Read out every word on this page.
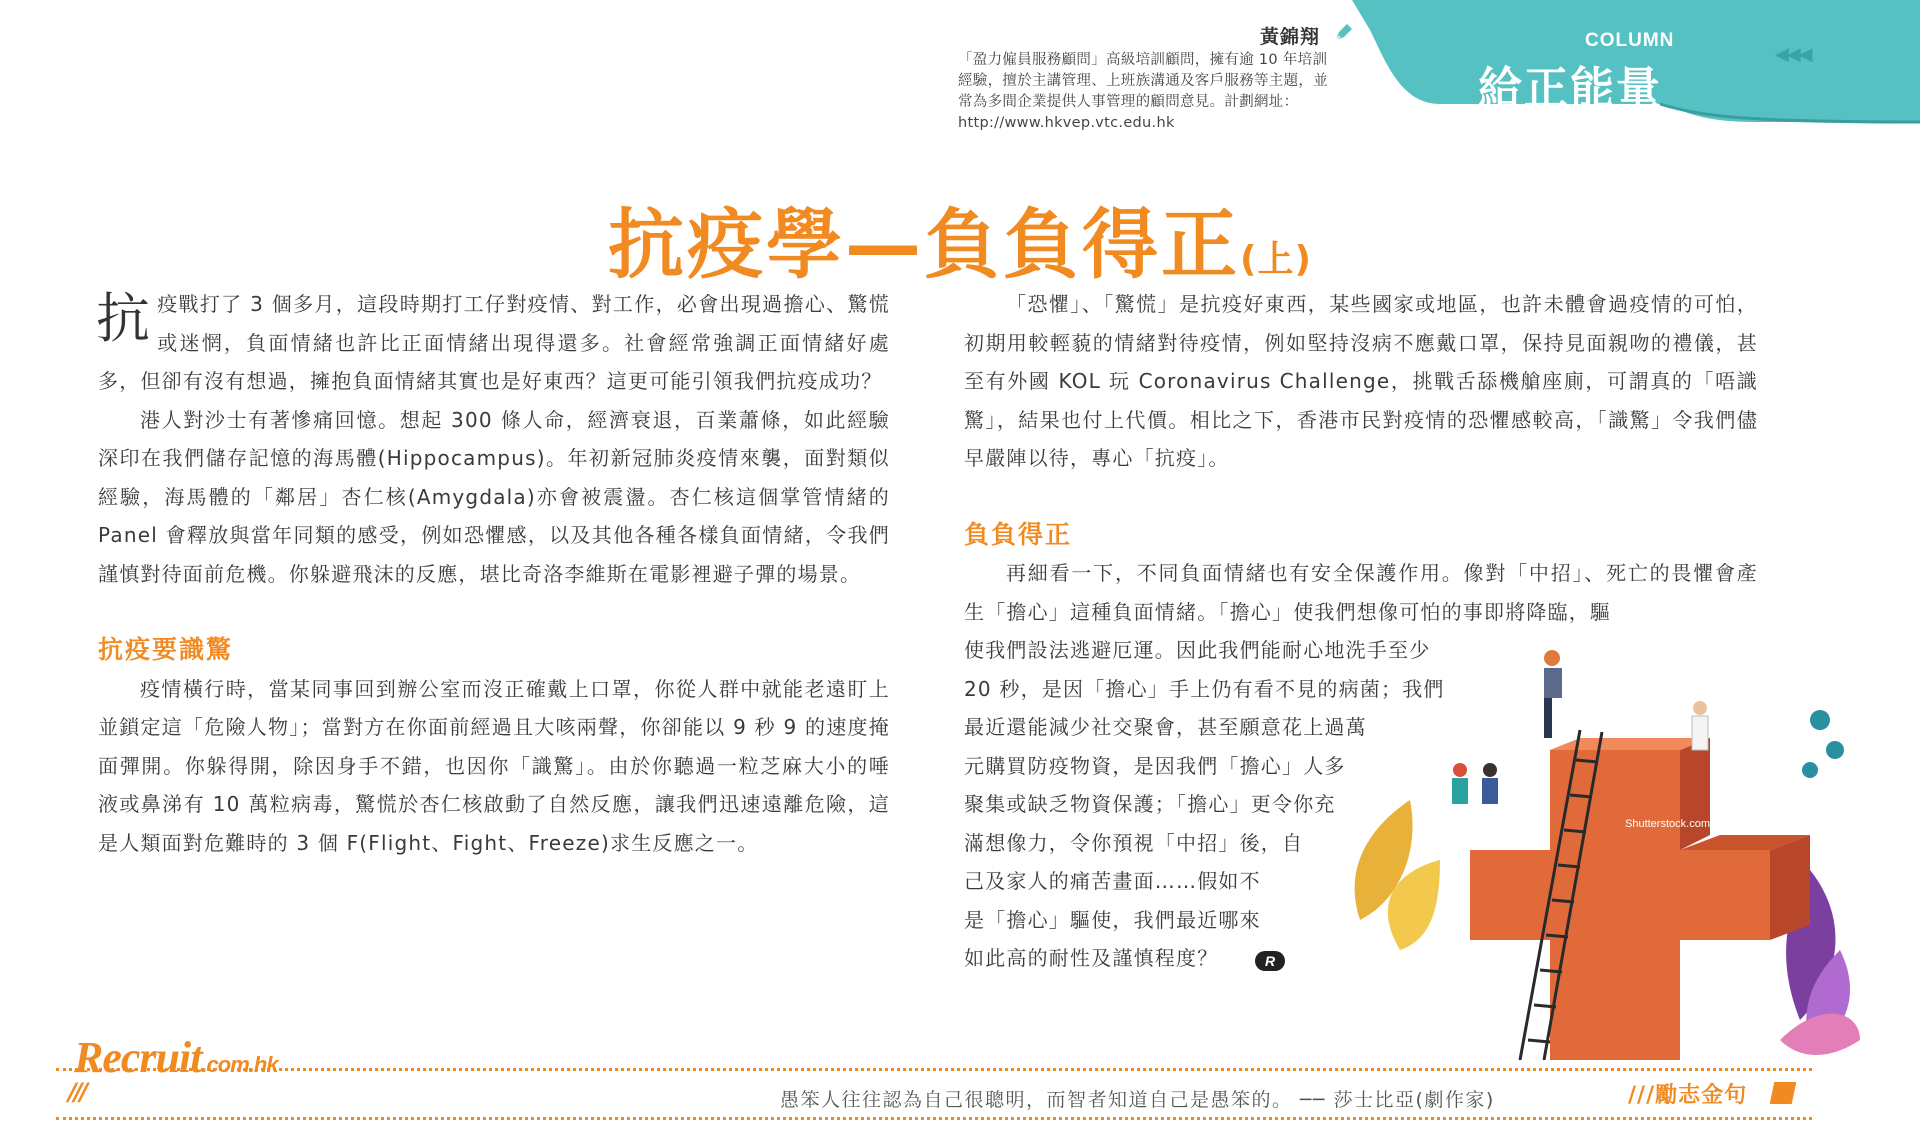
COLUMN
給正能量
◀◀◀
黃錦翔
「盈力僱員服務顧問」高級培訓顧問，擁有逾 10 年培訓經驗，擅於主講管理、上班族溝通及客戶服務等主題，並常為多間企業提供人事管理的顧問意見。計劃網址：http://www.hkvep.vtc.edu.hk
抗疫學—負負得正(上)

抗疫戰打了 3 個多月，這段時期打工仔對疫情、對工作，必會出現過擔心、驚慌或迷惘，負面情緒也許比正面情緒出現得還多。社會經常強調正面情緒好處多，但卻有沒有想過，擁抱負面情緒其實也是好東西？這更可能引領我們抗疫成功？

港人對沙士有著慘痛回憶。想起 300 條人命，經濟衰退，百業蕭條，如此經驗深印在我們儲存記憶的海馬體(Hippocampus)。年初新冠肺炎疫情來襲，面對類似經驗，海馬體的「鄰居」杏仁核(Amygdala)亦會被震盪。杏仁核這個掌管情緒的 Panel 會釋放與當年同類的感受，例如恐懼感，以及其他各種各樣負面情緒，令我們謹慎對待面前危機。你躲避飛沫的反應，堪比奇洛李維斯在電影裡避子彈的場景。

抗疫要識驚

疫情橫行時，當某同事回到辦公室而沒正確戴上口罩，你從人群中就能老遠盯上並鎖定這「危險人物」；當對方在你面前經過且大咳兩聲，你卻能以 9 秒 9 的速度掩面彈開。你躲得開，除因身手不錯，也因你「識驚」。由於你聽過一粒芝麻大小的唾液或鼻涕有 10 萬粒病毒，驚慌於杏仁核啟動了自然反應，讓我們迅速遠離危險，這是人類面對危難時的 3 個 F(Flight、Fight、Freeze)求生反應之一。

「恐懼」、「驚慌」是抗疫好東西，某些國家或地區，也許未體會過疫情的可怕，初期用較輕藐的情緒對待疫情，例如堅持沒病不應戴口罩，保持見面親吻的禮儀，甚至有外國 KOL 玩 Coronavirus Challenge，挑戰舌舔機艙座廁，可謂真的「唔識驚」，結果也付上代價。相比之下，香港市民對疫情的恐懼感較高，「識驚」令我們儘早嚴陣以待，專心「抗疫」。

負負得正

再細看一下，不同負面情緒也有安全保護作用。像對「中招」、死亡的畏懼會產生「擔心」這種負面情緒。「擔心」使我們想像可怕的事即將降臨，驅

使我們設法逃避厄運。因此我們能耐心地洗手至少
20 秒，是因「擔心」手上仍有看不見的病菌；我們
最近還能減少社交聚會，甚至願意花上過萬
元購買防疫物資，是因我們「擔心」人多
聚集或缺乏物資保護；「擔心」更令你充
滿想像力，令你預視「中招」後，自
己及家人的痛苦畫面……假如不
是「擔心」驅使，我們最近哪來
如此高的耐性及謹慎程度？	R
Shutterstock.com
Recruit.com.hk
///	愚笨人往往認為自己很聰明，而智者知道自己是愚笨的。 ── 莎士比亞(劇作家)	///勵志金句
